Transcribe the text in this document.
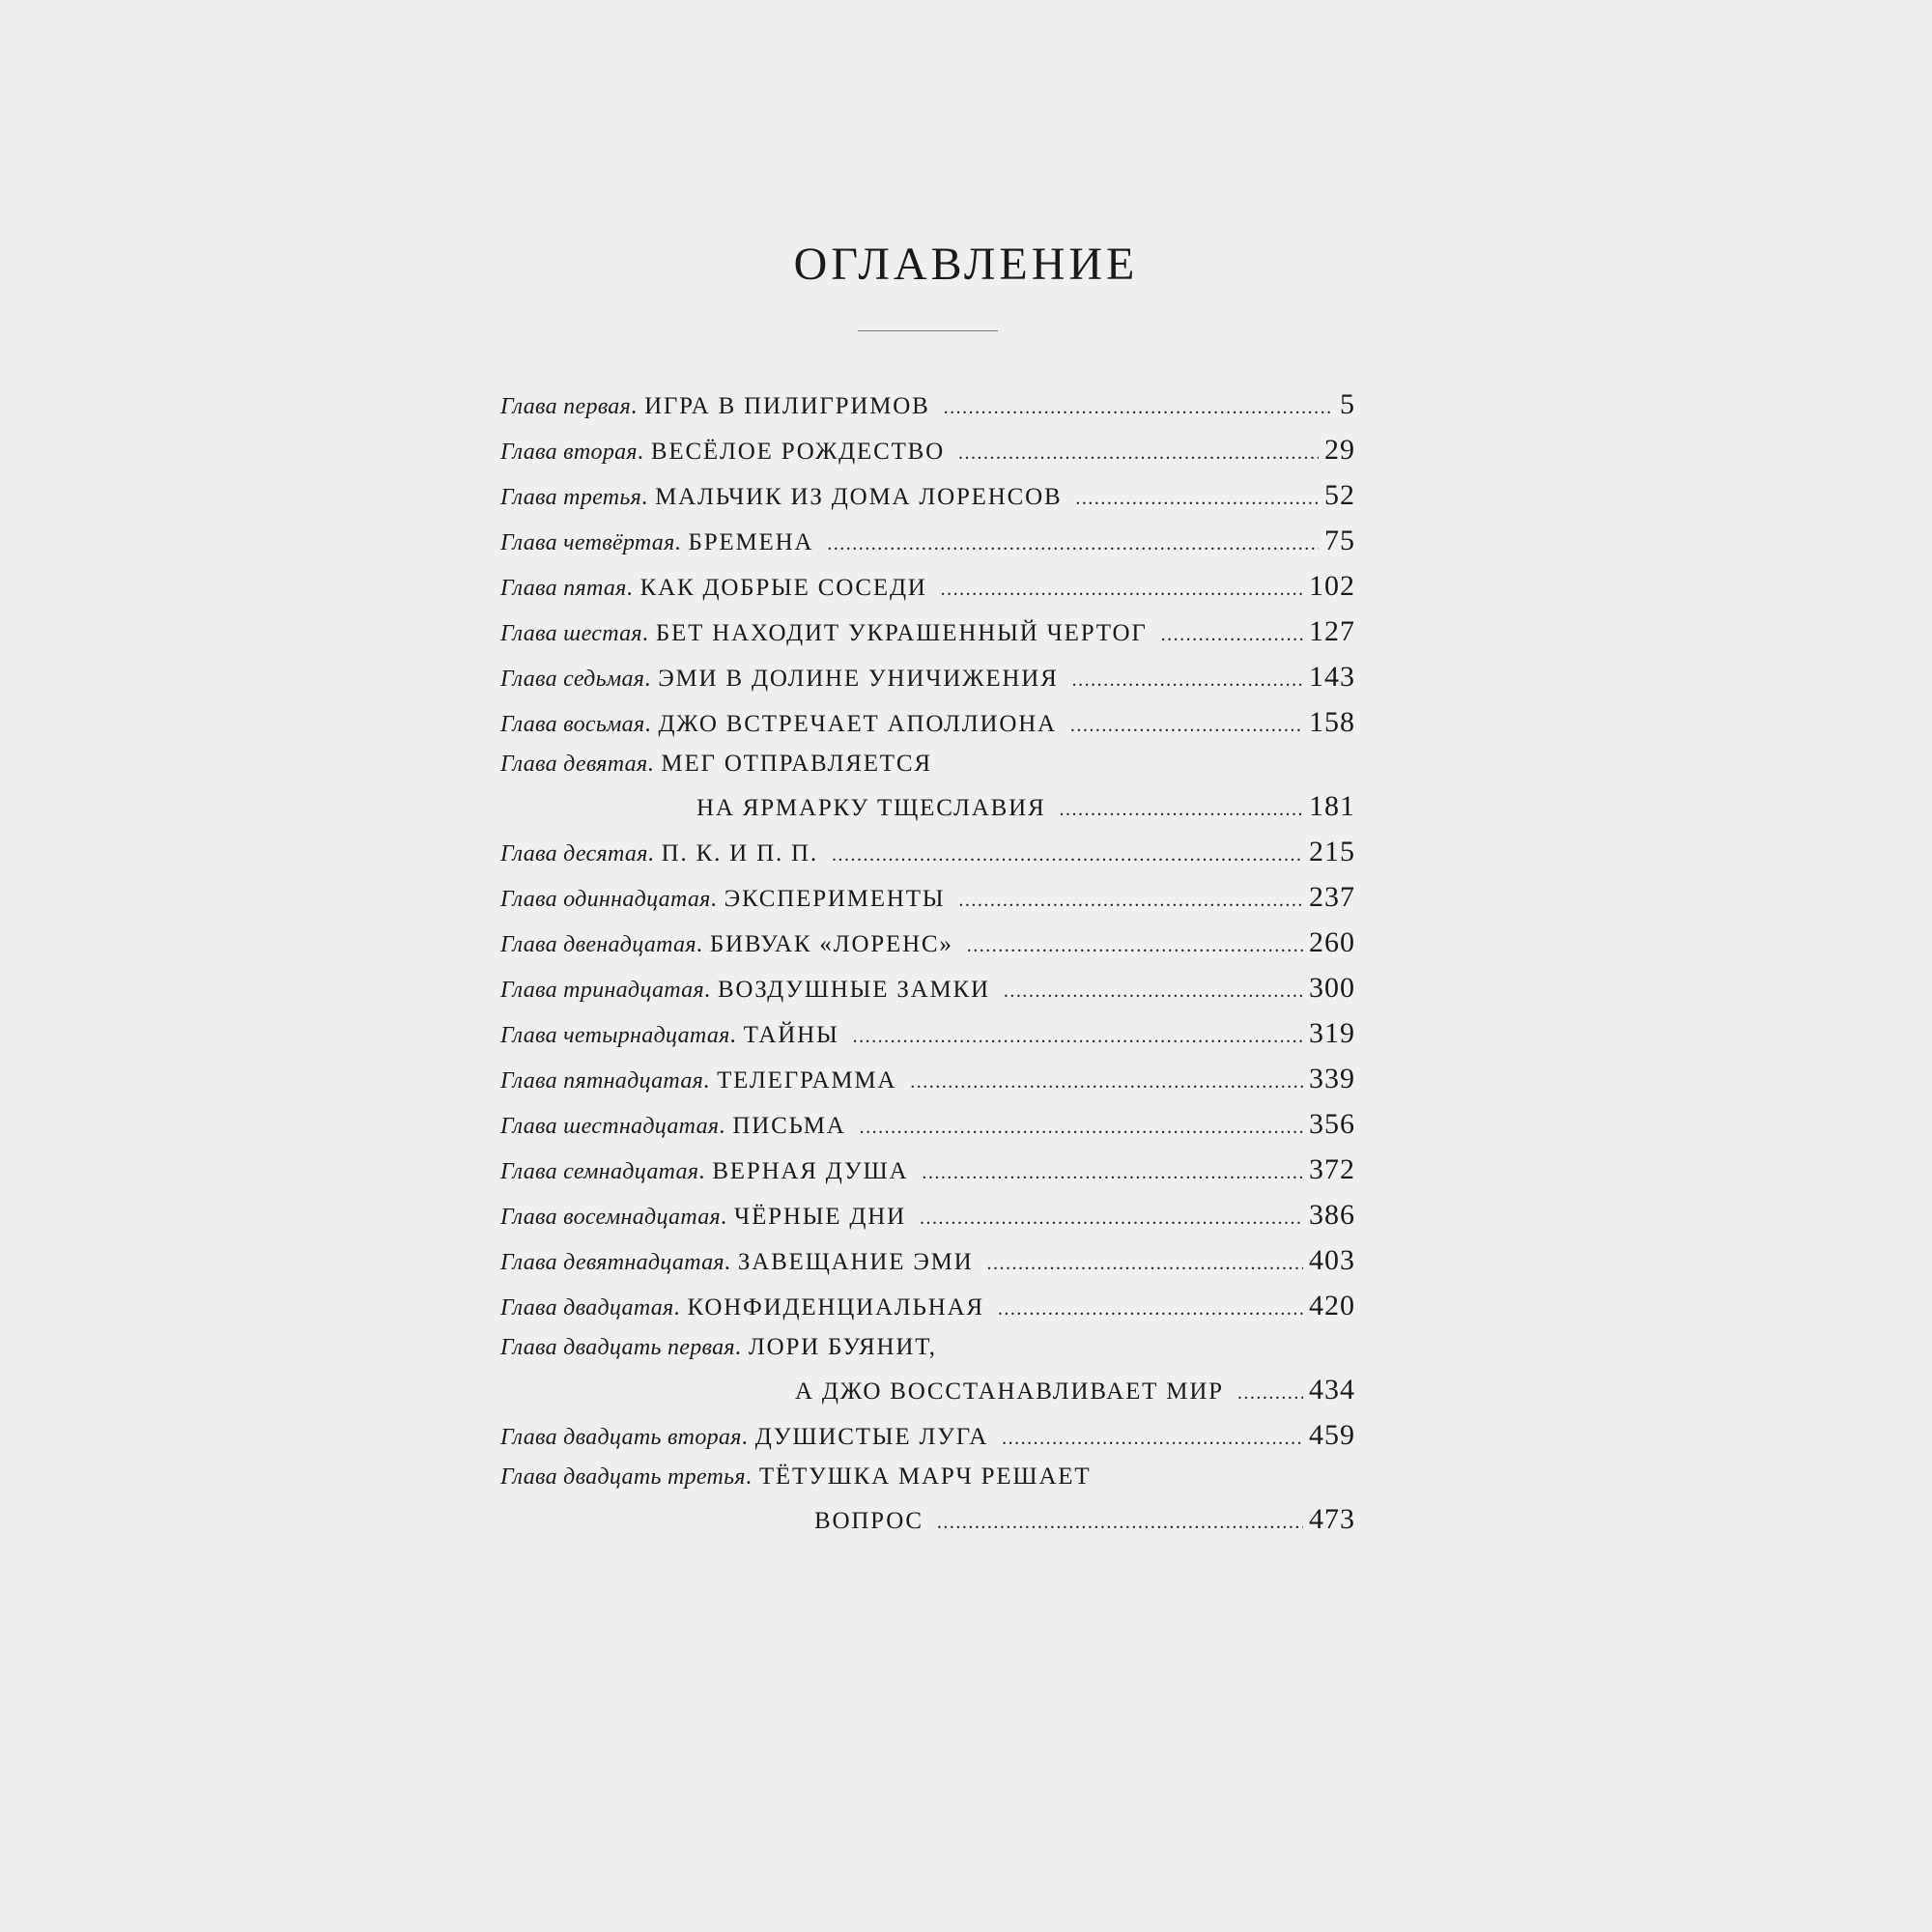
ОГЛАВЛЕНИЕ
Глава первая . ИГРА В ПИЛИГРИМОВ .....	5
Глава вторая . ВЕСЁЛОЕ РОЖДЕСТВО .....	29
Глава третья . МАЛЬЧИК ИЗ ДОМА ЛОРЕНСОВ .....	52
Глава четвёртая . БРЕМЕНА .....	75
Глава пятая . КАК ДОБРЫЕ СОСЕДИ .....	102
Глава шестая . БЕТ НАХОДИТ УКРАШЕННЫЙ ЧЕРТОГ .....	127
Глава седьмая . ЭМИ В ДОЛИНЕ УНИЧИЖЕНИЯ .....	143
Глава восьмая . ДЖО ВСТРЕЧАЕТ АПОЛЛИОНА .....	158
Глава девятая . МЕГ ОТПРАВЛЯЕТСЯ
НА ЯРМАРКУ ТЩЕСЛАВИЯ .....	181
Глава десятая . П. К. И П. П. .....	215
Глава одиннадцатая . ЭКСПЕРИМЕНТЫ .....	237
Глава двенадцатая . БИВУАК «ЛОРЕНС» .....	260
Глава тринадцатая . ВОЗДУШНЫЕ ЗАМКИ .....	300
Глава четырнадцатая . ТАЙНЫ .....	319
Глава пятнадцатая . ТЕЛЕГРАММА .....	339
Глава шестнадцатая . ПИСЬМА .....	356
Глава семнадцатая . ВЕРНАЯ ДУША .....	372
Глава восемнадцатая . ЧЁРНЫЕ ДНИ .....	386
Глава девятнадцатая . ЗАВЕЩАНИЕ ЭМИ .....	403
Глава двадцатая . КОНФИДЕНЦИАЛЬНАЯ .....	420
Глава двадцать первая . ЛОРИ БУЯНИТ,
А ДЖО ВОССТАНАВЛИВАЕТ МИР .....	434
Глава двадцать вторая . ДУШИСТЫЕ ЛУГА .....	459
Глава двадцать третья . ТЁТУШКА МАРЧ РЕШАЕТ
ВОПРОС .....	473
